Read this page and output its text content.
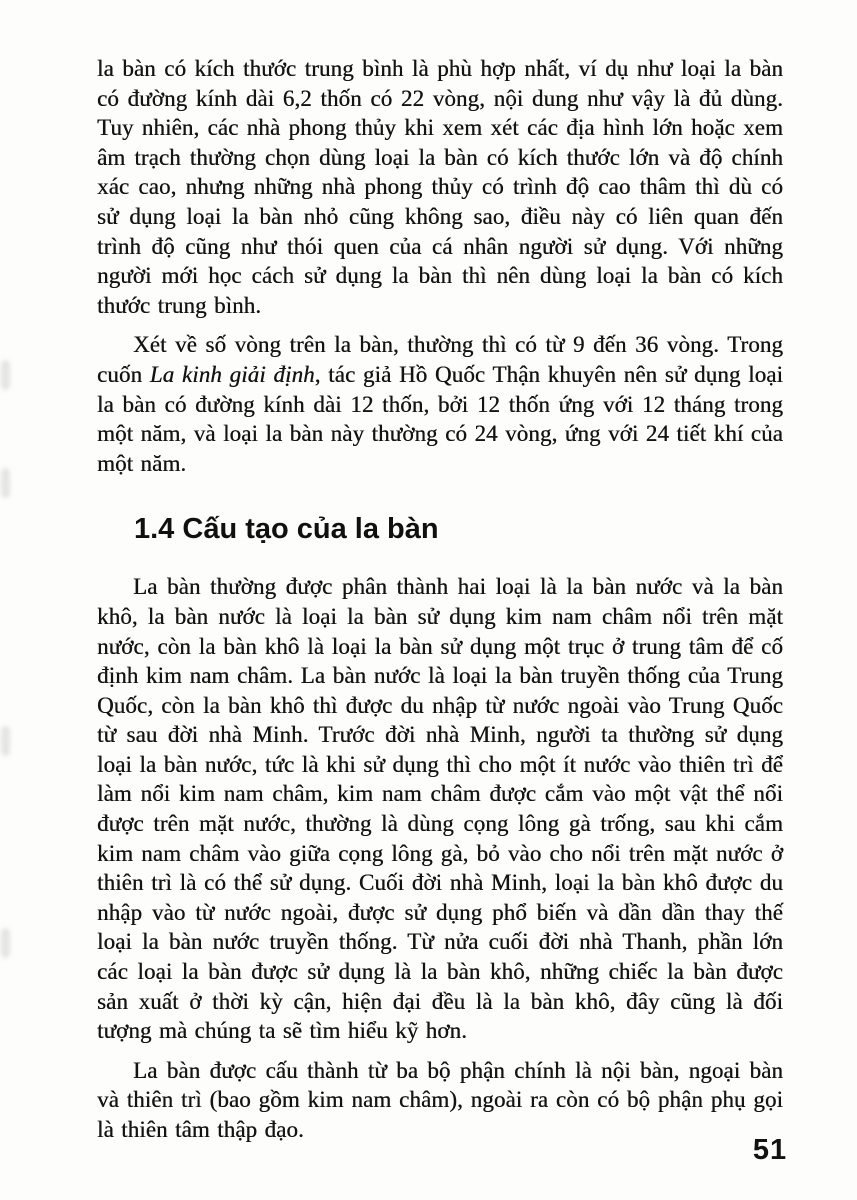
la bàn có kích thước trung bình là phù hợp nhất, ví dụ như loại la bàn có đường kính dài 6,2 thốn có 22 vòng, nội dung như vậy là đủ dùng. Tuy nhiên, các nhà phong thủy khi xem xét các địa hình lớn hoặc xem âm trạch thường chọn dùng loại la bàn có kích thước lớn và độ chính xác cao, nhưng những nhà phong thủy có trình độ cao thâm thì dù có sử dụng loại la bàn nhỏ cũng không sao, điều này có liên quan đến trình độ cũng như thói quen của cá nhân người sử dụng. Với những người mới học cách sử dụng la bàn thì nên dùng loại la bàn có kích thước trung bình.

Xét về số vòng trên la bàn, thường thì có từ 9 đến 36 vòng. Trong cuốn La kinh giải định, tác giả Hồ Quốc Thận khuyên nên sử dụng loại la bàn có đường kính dài 12 thốn, bởi 12 thốn ứng với 12 tháng trong một năm, và loại la bàn này thường có 24 vòng, ứng với 24 tiết khí của một năm.

1.4 Cấu tạo của la bàn

La bàn thường được phân thành hai loại là la bàn nước và la bàn khô, la bàn nước là loại la bàn sử dụng kim nam châm nổi trên mặt nước, còn la bàn khô là loại la bàn sử dụng một trục ở trung tâm để cố định kim nam châm. La bàn nước là loại la bàn truyền thống của Trung Quốc, còn la bàn khô thì được du nhập từ nước ngoài vào Trung Quốc từ sau đời nhà Minh. Trước đời nhà Minh, người ta thường sử dụng loại la bàn nước, tức là khi sử dụng thì cho một ít nước vào thiên trì để làm nổi kim nam châm, kim nam châm được cắm vào một vật thể nổi được trên mặt nước, thường là dùng cọng lông gà trống, sau khi cắm kim nam châm vào giữa cọng lông gà, bỏ vào cho nổi trên mặt nước ở thiên trì là có thể sử dụng. Cuối đời nhà Minh, loại la bàn khô được du nhập vào từ nước ngoài, được sử dụng phổ biến và dần dần thay thế loại la bàn nước truyền thống. Từ nửa cuối đời nhà Thanh, phần lớn các loại la bàn được sử dụng là la bàn khô, những chiếc la bàn được sản xuất ở thời kỳ cận, hiện đại đều là la bàn khô, đây cũng là đối tượng mà chúng ta sẽ tìm hiểu kỹ hơn.

La bàn được cấu thành từ ba bộ phận chính là nội bàn, ngoại bàn và thiên trì (bao gồm kim nam châm), ngoài ra còn có bộ phận phụ gọi là thiên tâm thập đạo.

51
